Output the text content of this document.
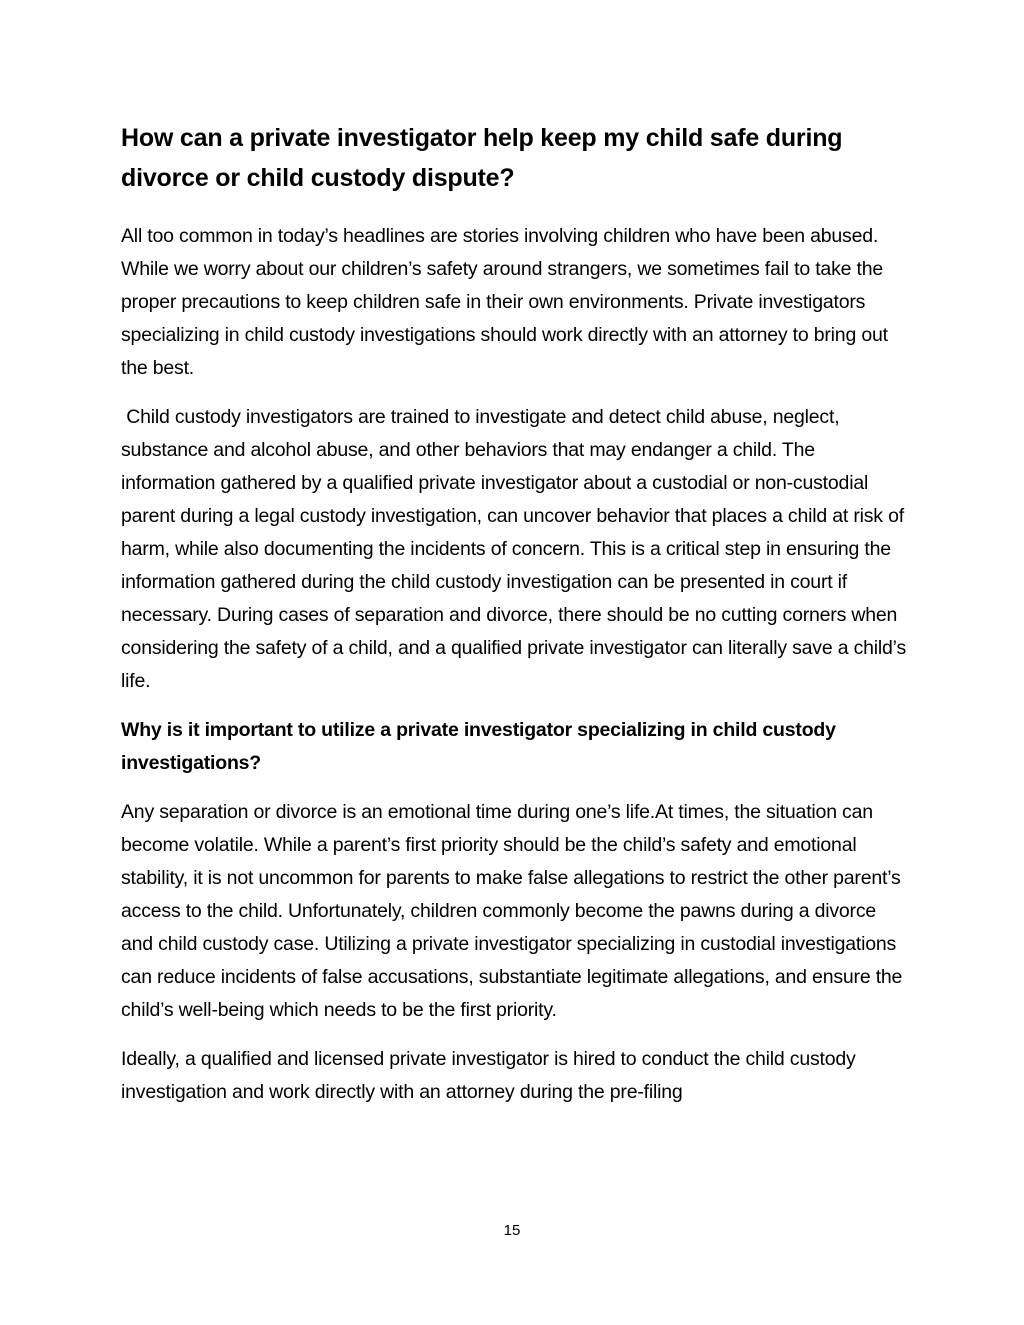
How can a private investigator help keep my child safe during divorce or child custody dispute?

All too common in today’s headlines are stories involving children who have been abused. While we worry about our children’s safety around strangers, we sometimes fail to take the proper precautions to keep children safe in their own environments. Private investigators specializing in child custody investigations should work directly with an attorney to bring out the best.

Child custody investigators are trained to investigate and detect child abuse, neglect, substance and alcohol abuse, and other behaviors that may endanger a child. The information gathered by a qualified private investigator about a custodial or non-custodial parent during a legal custody investigation, can uncover behavior that places a child at risk of harm, while also documenting the incidents of concern. This is a critical step in ensuring the information gathered during the child custody investigation can be presented in court if necessary. During cases of separation and divorce, there should be no cutting corners when considering the safety of a child, and a qualified private investigator can literally save a child’s life.

Why is it important to utilize a private investigator specializing in child custody investigations?

Any separation or divorce is an emotional time during one’s life.At times, the situation can become volatile. While a parent’s first priority should be the child’s safety and emotional stability, it is not uncommon for parents to make false allegations to restrict the other parent’s access to the child. Unfortunately, children commonly become the pawns during a divorce and child custody case. Utilizing a private investigator specializing in custodial investigations can reduce incidents of false accusations, substantiate legitimate allegations, and ensure the child’s well-being which needs to be the first priority.

Ideally, a qualified and licensed private investigator is hired to conduct the child custody investigation and work directly with an attorney during the pre-filing

15
